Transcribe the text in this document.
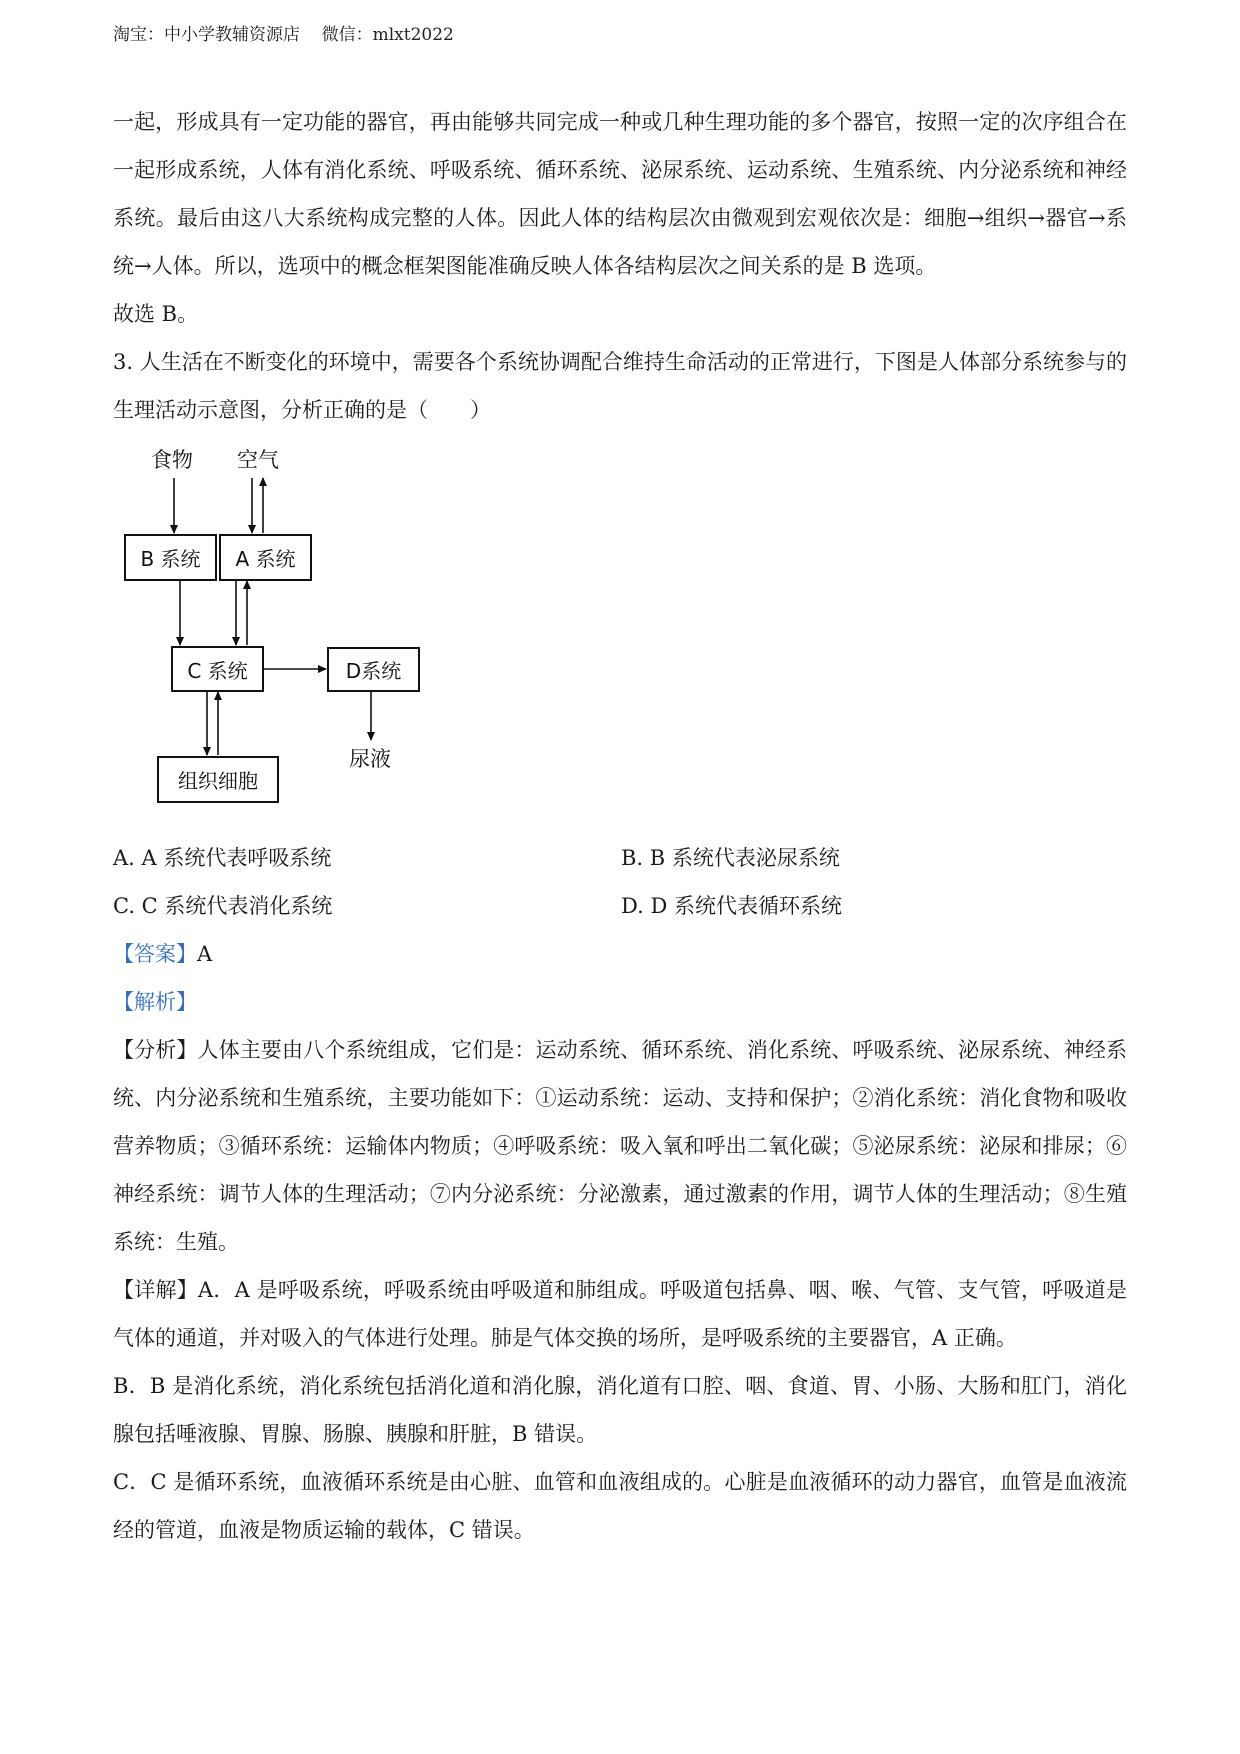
淘宝：中小学教辅资源店    微信：mlxt2022

一起，形成具有一定功能的器官，再由能够共同完成一种或几种生理功能的多个器官，按照一定的次序组合在一起形成系统，人体有消化系统、呼吸系统、循环系统、泌尿系统、运动系统、生殖系统、内分泌系统和神经系统。最后由这八大系统构成完整的人体。因此人体的结构层次由微观到宏观依次是：细胞→组织→器官→系统→人体。所以，选项中的概念框架图能准确反映人体各结构层次之间关系的是 B 选项。

故选 B。

3. 人生活在不断变化的环境中，需要各个系统协调配合维持生命活动的正常进行，下图是人体部分系统参与的生理活动示意图，分析正确的是（　　）

食物 空气
B 系统	A 系统
C 系统	D系统
组织细胞
尿液
A. A 系统代表呼吸系统	B. B 系统代表泌尿系统
C. C 系统代表消化系统	D. D 系统代表循环系统

【答案】A

【解析】

【分析】人体主要由八个系统组成，它们是：运动系统、循环系统、消化系统、呼吸系统、泌尿系统、神经系统、内分泌系统和生殖系统，主要功能如下：①运动系统：运动、支持和保护；②消化系统：消化食物和吸收营养物质；③循环系统：运输体内物质；④呼吸系统：吸入氧和呼出二氧化碳；⑤泌尿系统：泌尿和排尿；⑥神经系统：调节人体的生理活动；⑦内分泌系统：分泌激素，通过激素的作用，调节人体的生理活动；⑧生殖系统：生殖。

【详解】A．A 是呼吸系统，呼吸系统由呼吸道和肺组成。呼吸道包括鼻、咽、喉、气管、支气管，呼吸道是气体的通道，并对吸入的气体进行处理。肺是气体交换的场所，是呼吸系统的主要器官，A 正确。

B．B 是消化系统，消化系统包括消化道和消化腺，消化道有口腔、咽、食道、胃、小肠、大肠和肛门，消化腺包括唾液腺、胃腺、肠腺、胰腺和肝脏，B 错误。

C．C 是循环系统，血液循环系统是由心脏、血管和血液组成的。心脏是血液循环的动力器官，血管是血液流经的管道，血液是物质运输的载体，C 错误。
